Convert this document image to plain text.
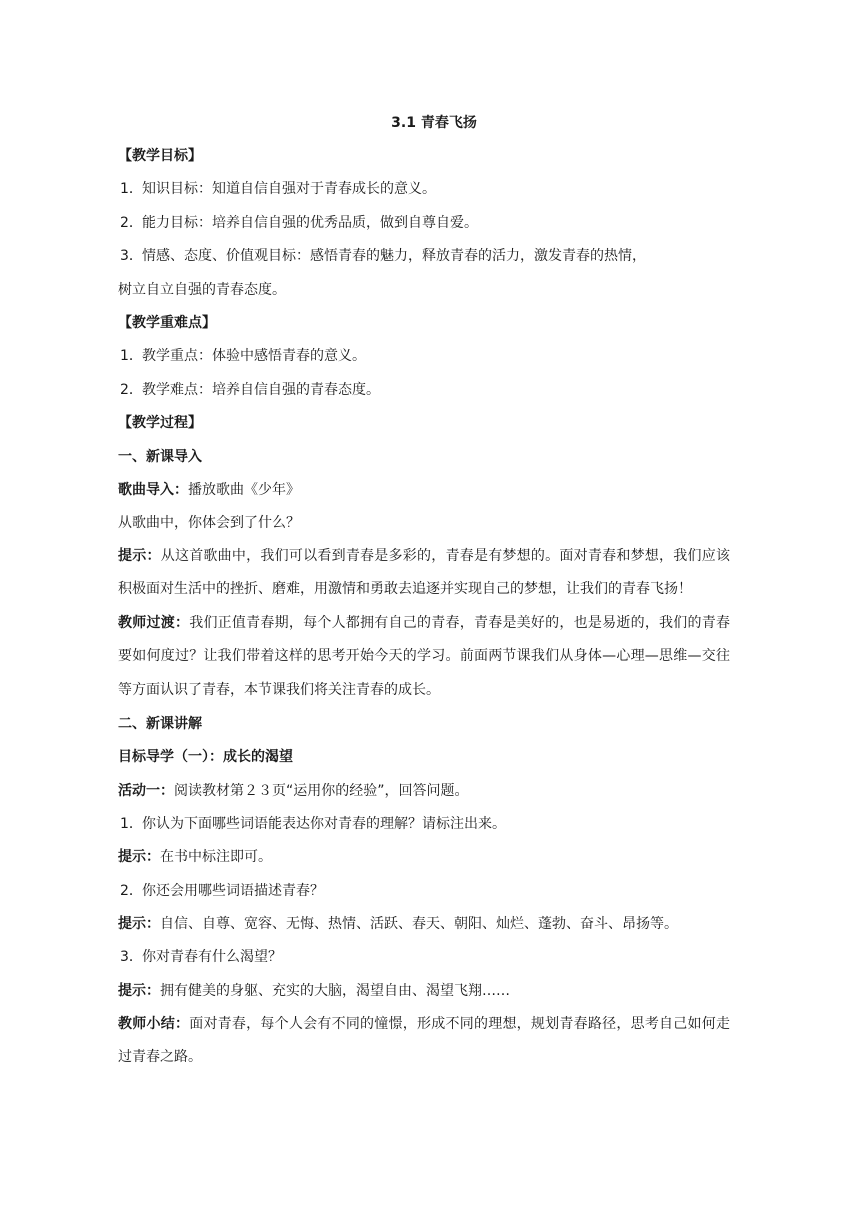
3.1 青春飞扬
【教学目标】
1．知识目标：知道自信自强对于青春成长的意义。
2．能力目标：培养自信自强的优秀品质，做到自尊自爱。
3．情感、态度、价值观目标：感悟青春的魅力，释放青春的活力，激发青春的热情，
树立自立自强的青春态度。
【教学重难点】
1．教学重点：体验中感悟青春的意义。
2．教学难点：培养自信自强的青春态度。
【教学过程】
一、新课导入
歌曲导入：播放歌曲《少年》
从歌曲中，你体会到了什么？
提示：从这首歌曲中，我们可以看到青春是多彩的，青春是有梦想的。面对青春和梦想，我们应该积极面对生活中的挫折、磨难，用激情和勇敢去追逐并实现自己的梦想，让我们的青春飞扬！
教师过渡：我们正值青春期，每个人都拥有自己的青春，青春是美好的，也是易逝的，我们的青春要如何度过？让我们带着这样的思考开始今天的学习。前面两节课我们从身体—心理—思维—交往等方面认识了青春，本节课我们将关注青春的成长。
二、新课讲解
目标导学（一）：成长的渴望
活动一：阅读教材第２３页“运用你的经验”，回答问题。
1．你认为下面哪些词语能表达你对青春的理解？请标注出来。
提示：在书中标注即可。
2．你还会用哪些词语描述青春？
提示：自信、自尊、宽容、无悔、热情、活跃、春天、朝阳、灿烂、蓬勃、奋斗、昂扬等。
3．你对青春有什么渴望？
提示：拥有健美的身躯、充实的大脑，渴望自由、渴望飞翔……
教师小结：面对青春，每个人会有不同的憧憬，形成不同的理想，规划青春路径，思考自己如何走过青春之路。
